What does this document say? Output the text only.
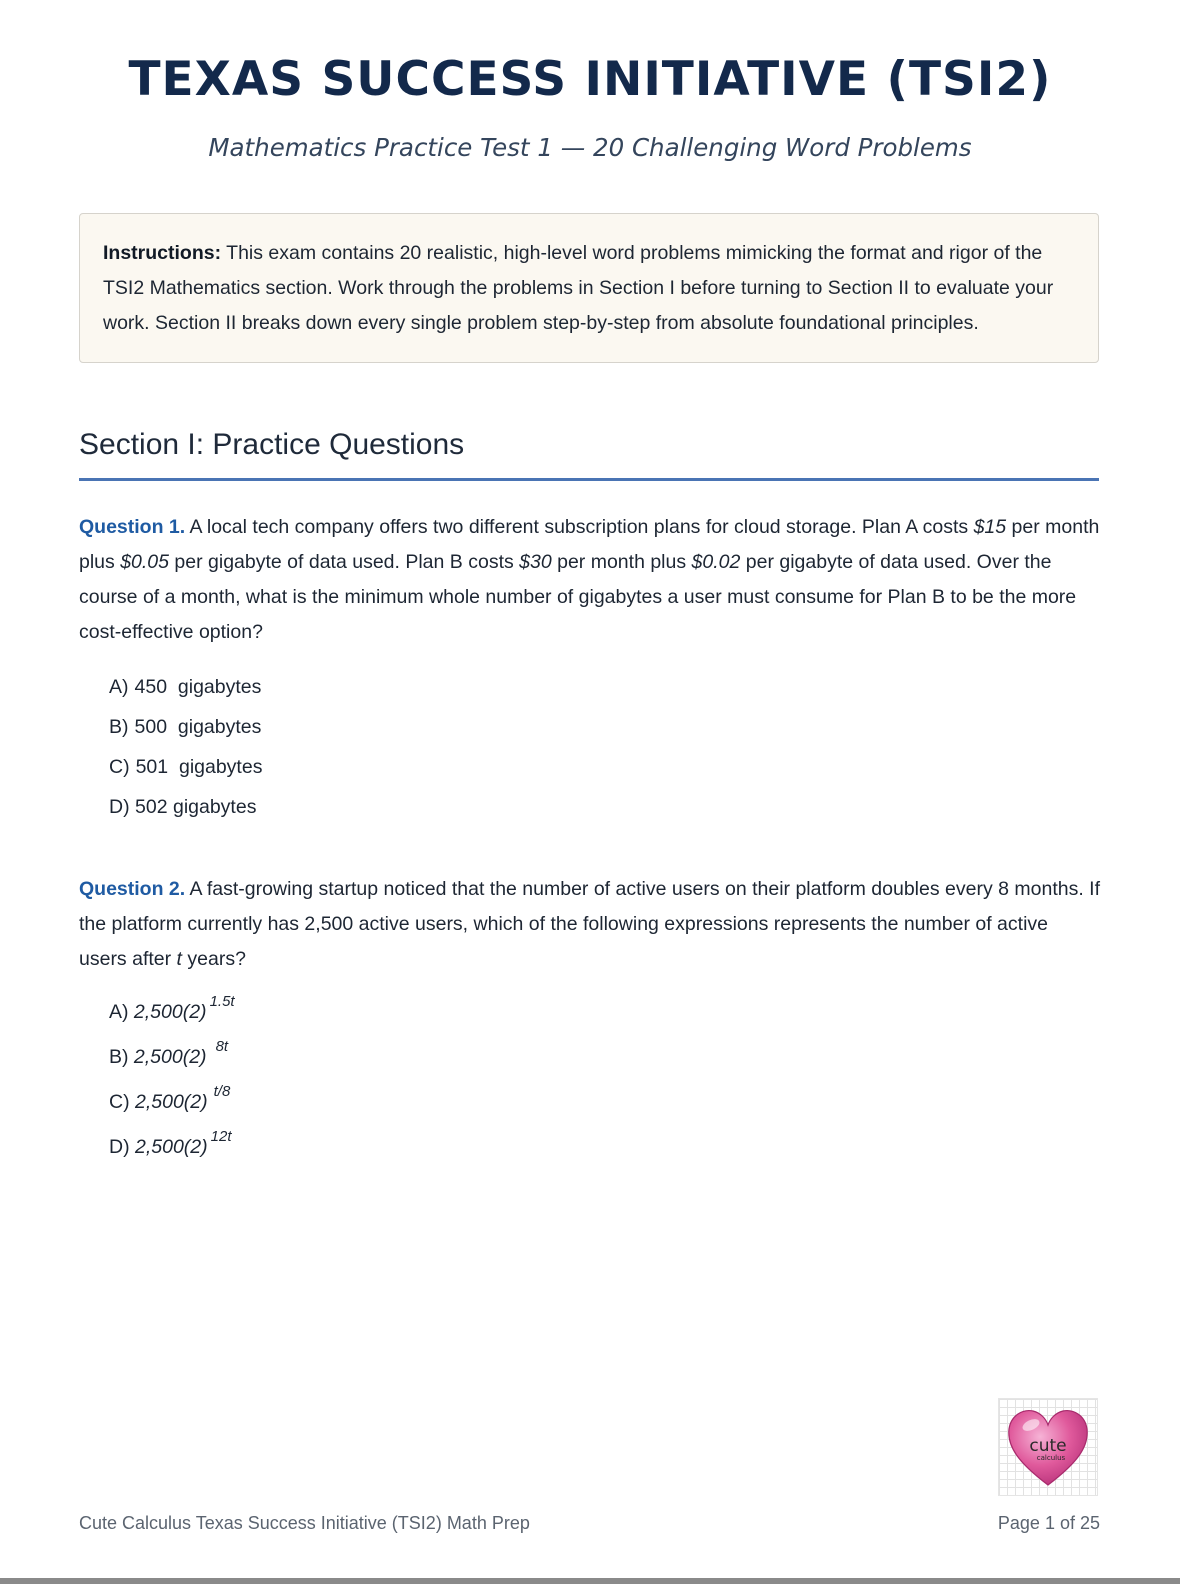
TEXAS SUCCESS INITIATIVE (TSI2)
Mathematics Practice Test 1 — 20 Challenging Word Problems
Instructions: This exam contains 20 realistic, high-level word problems mimicking the format and rigor of the TSI2 Mathematics section. Work through the problems in Section I before turning to Section II to evaluate your work. Section II breaks down every single problem step-by-step from absolute foundational principles.
Section I: Practice Questions
Question 1. A local tech company offers two different subscription plans for cloud storage. Plan A costs $15 per month plus $0.05 per gigabyte of data used. Plan B costs $30 per month plus $0.02 per gigabyte of data used. Over the course of a month, what is the minimum whole number of gigabytes a user must consume for Plan B to be the more cost-effective option?
A) 450 gigabytes
B) 500 gigabytes
C) 501 gigabytes
D) 502 gigabytes
Question 2. A fast-growing startup noticed that the number of active users on their platform doubles every 8 months. If the platform currently has 2,500 active users, which of the following expressions represents the number of active users after t years?
A) 2,500(2) 1.5t
B) 2,500(2) 8t
C) 2,500(2) t/8
D) 2,500(2) 12t
cute
calculus
Cute Calculus Texas Success Initiative (TSI2) Math Prep	Page 1 of 25
